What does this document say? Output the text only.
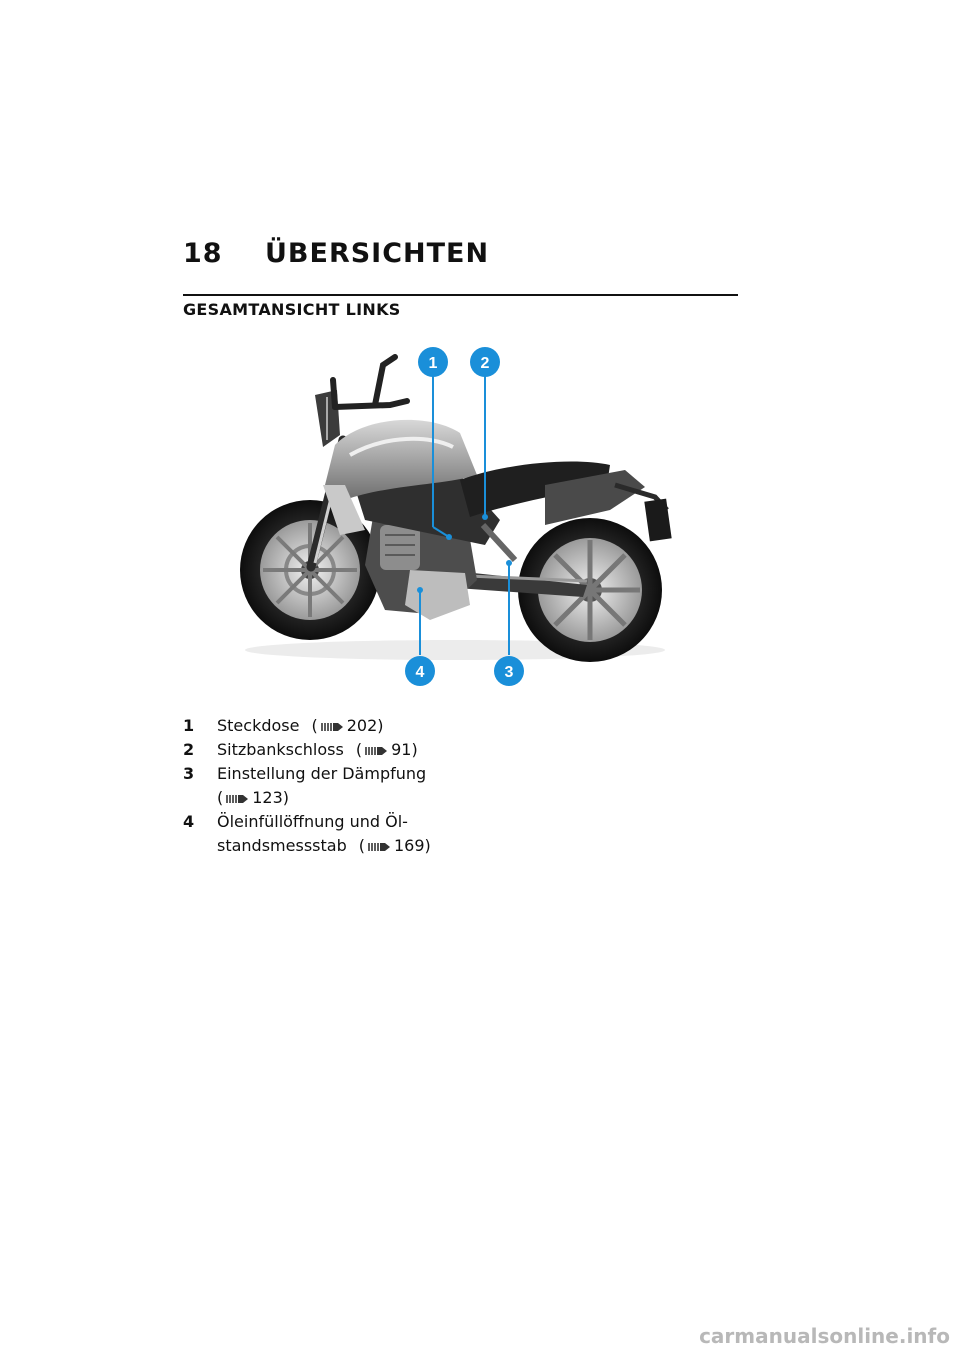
18 ÜBERSICHTEN
GESAMTANSICHT LINKS
1	2
3
4
1	Steckdose ( 202)
2	Sitzbankschloss ( 91)
3	Einstellung der Dämpfung
( 123)
4	Öleinfüllöffnung und Öl-standsmessstab ( 169)
carmanualsonline.info
